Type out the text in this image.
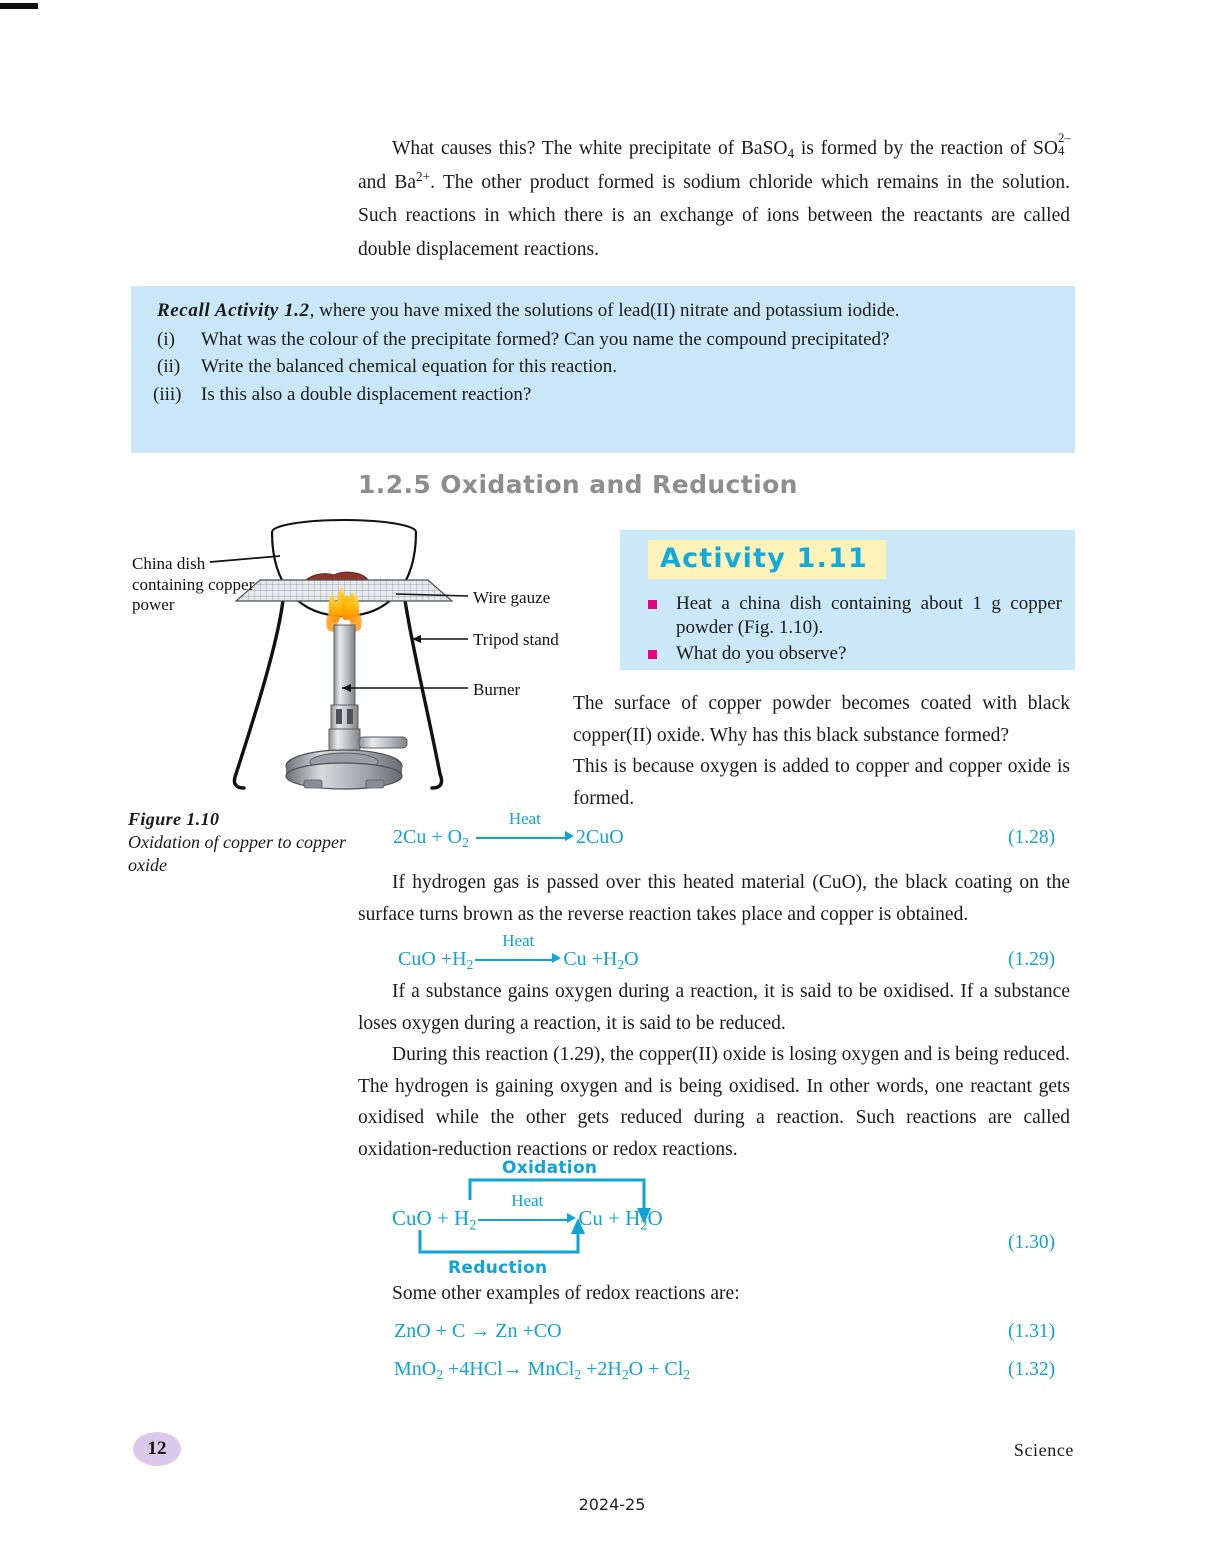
What causes this? The white precipitate of BaSO$_4$ is formed by the reaction of SO
2–
4
and $Ba^{2+}$. The other product formed is sodium chloride which remains in the solution. Such reactions in which there is an exchange of ions between the reactants are called double displacement reactions.
Recall Activity 1.2, where you have mixed the solutions of lead(II) nitrate and potassium iodide.
(i)	What was the colour of the precipitate formed? Can you name the compound precipitated?
(ii)	Write the balanced chemical equation for this reaction.
(iii)	Is this also a double displacement reaction?
1.2.5 Oxidation and Reduction
China dish containing copper power	Wire gauze
Tripod stand
Burner
Figure 1.10
Oxidation of copper to copper oxide
Activity 1.11
Heat a china dish containing about 1 g copper powder (Fig. 1.10).
What do you observe?
The surface of copper powder becomes coated with black copper(II) oxide. Why has this black substance formed?
This is because oxygen is added to copper and copper oxide is formed.
$2Cu + O_2$
Heat
2CuO	(1.28)
If hydrogen gas is passed over this heated material (CuO), the black coating on the surface turns brown as the reverse reaction takes place and copper is obtained.
CuO $+H_2$
Heat
$Cu +H_2O$	(1.29)
If a substance gains oxygen during a reaction, it is said to be oxidised. If a substance loses oxygen during a reaction, it is said to be reduced.
During this reaction (1.29), the copper(II) oxide is losing oxygen and is being reduced. The hydrogen is gaining oxygen and is being oxidised. In other words, one reactant gets oxidised while the other gets reduced during a reaction. Such reactions are called oxidation-reduction reactions or redox reactions.
Oxidation
Reduction
CuO + $H_2$
Heat
$Cu + H_2O$
(1.30)
Some other examples of redox reactions are:
ZnO + C → Zn +CO	(1.31)
MnO$_2$ +4HCl→ MnCl$_2$ $+2H_2O + Cl_2$	(1.32)
12	Science
2024-25
